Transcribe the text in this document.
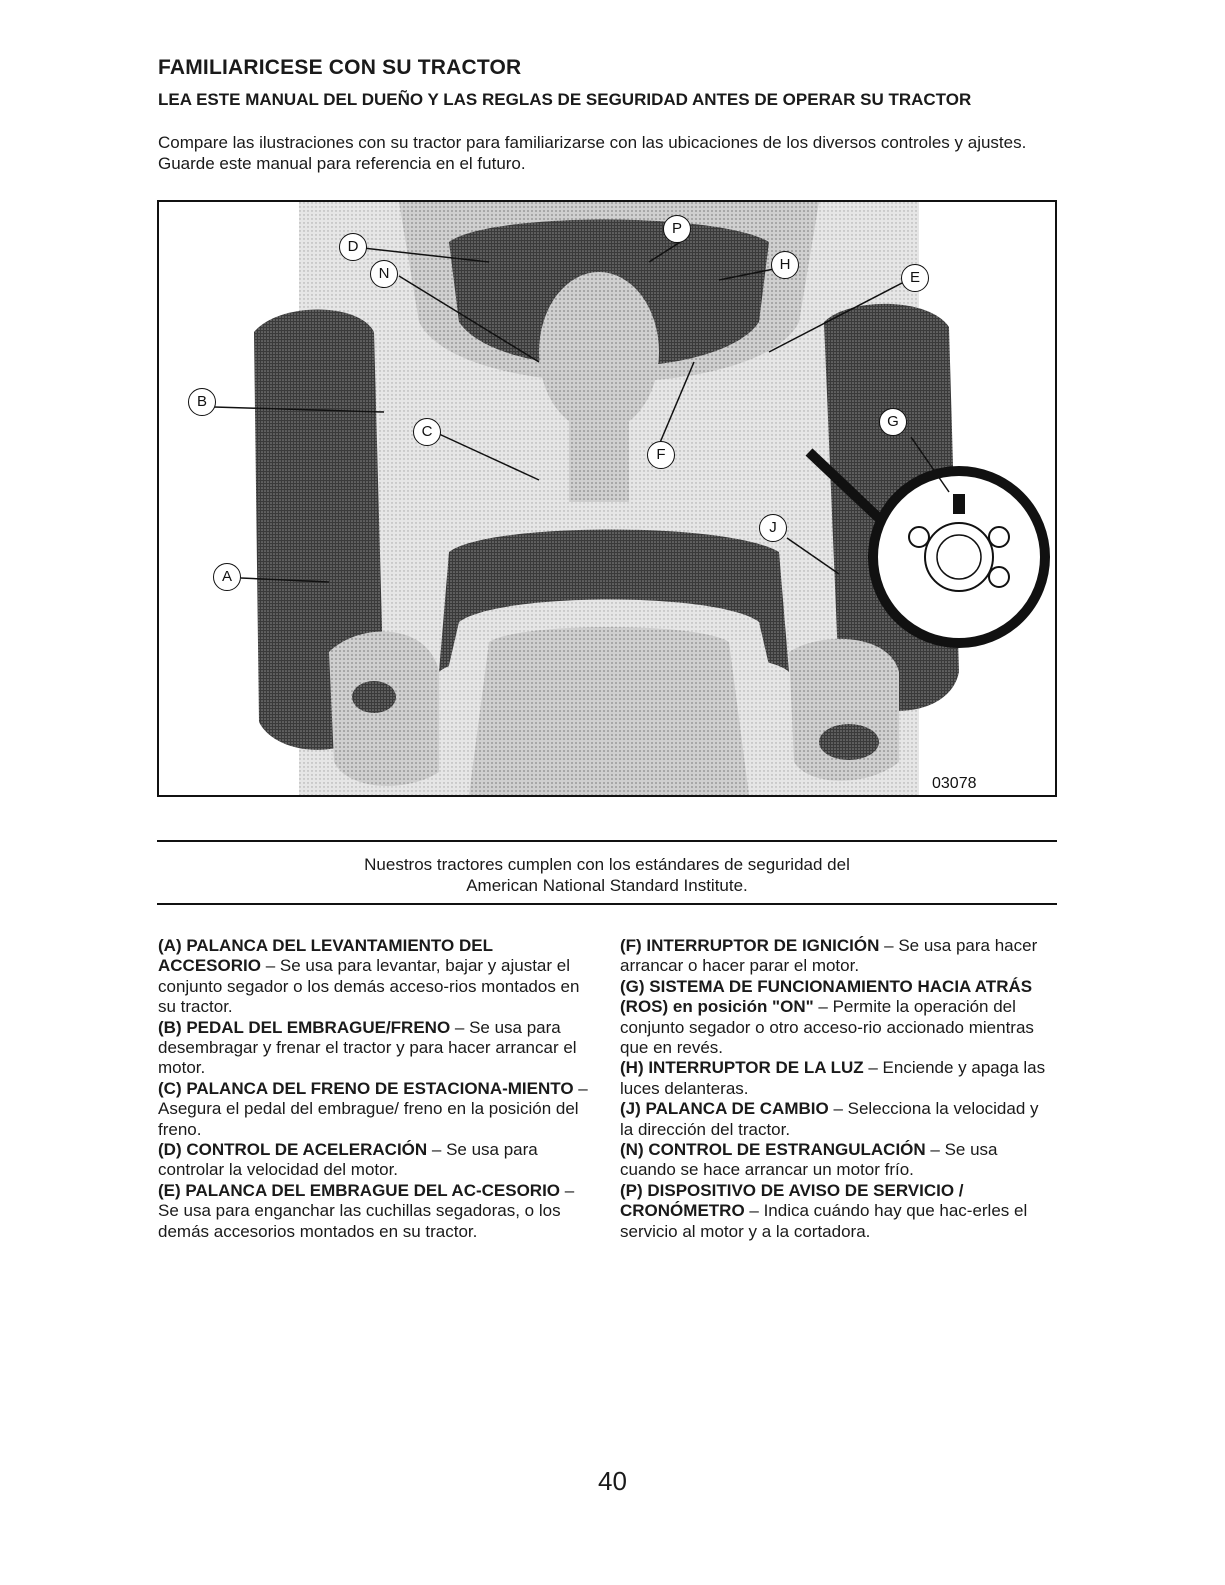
FAMILIARICESE CON SU TRACTOR
LEA ESTE MANUAL DEL DUEÑO Y LAS REGLAS DE SEGURIDAD ANTES DE OPERAR SU TRACTOR
Compare las ilustraciones con su tractor para familiarizarse con las ubicaciones de los diversos controles y ajustes. Guarde este manual para referencia en el futuro.
D
P
H
E
N
B
C
G
F
J
A
03078
Nuestros tractores cumplen con los estándares de seguridad del
American National Standard Institute.

(A) PALANCA DEL LEVANTAMIENTO DEL ACCESORIO – Se usa para levantar, bajar y ajustar el conjunto segador o los demás acceso-rios montados en su tractor.

(B) PEDAL DEL EMBRAGUE/FRENO – Se usa para desembragar y frenar el tractor y para hacer arrancar el motor.

(C) PALANCA DEL FRENO DE ESTACIONA-MIENTO – Asegura el pedal del embrague/ freno en la posición del freno.

(D) CONTROL DE ACELERACIÓN – Se usa para controlar la velocidad del motor.

(E) PALANCA DEL EMBRAGUE DEL AC-CESORIO – Se usa para enganchar las cuchillas segadoras, o los demás accesorios montados en su tractor.

(F) INTERRUPTOR DE IGNICIÓN – Se usa para hacer arrancar o hacer parar el motor.

(G) SISTEMA DE FUNCIONAMIENTO HACIA ATRÁS (ROS) en posición "ON" – Permite la operación del conjunto segador o otro acceso-rio accionado mientras que en revés.

(H) INTERRUPTOR DE LA LUZ – Enciende y apaga las luces delanteras.

(J) PALANCA DE CAMBIO – Selecciona la velocidad y la dirección del tractor.

(N) CONTROL DE ESTRANGULACIÓN – Se usa cuando se hace arrancar un motor frío.

(P) DISPOSITIVO DE AVISO DE SERVICIO / CRONÓMETRO – Indica cuándo hay que hac-erles el servicio al motor y a la cortadora.

40
